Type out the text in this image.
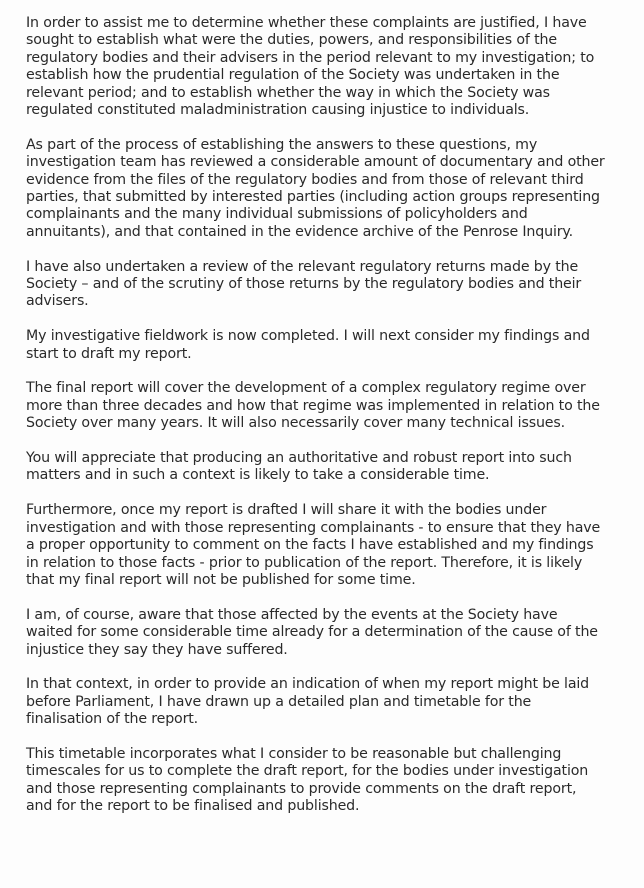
In order to assist me to determine whether these complaints are justified, I have
sought to establish what were the duties, powers, and responsibilities of the
regulatory bodies and their advisers in the period relevant to my investigation; to
establish how the prudential regulation of the Society was undertaken in the
relevant period; and to establish whether the way in which the Society was
regulated constituted maladministration causing injustice to individuals.

As part of the process of establishing the answers to these questions, my
investigation team has reviewed a considerable amount of documentary and other
evidence from the files of the regulatory bodies and from those of relevant third
parties, that submitted by interested parties (including action groups representing
complainants and the many individual submissions of policyholders and
annuitants), and that contained in the evidence archive of the Penrose Inquiry.

I have also undertaken a review of the relevant regulatory returns made by the
Society – and of the scrutiny of those returns by the regulatory bodies and their
advisers.

My investigative fieldwork is now completed. I will next consider my findings and
start to draft my report.

The final report will cover the development of a complex regulatory regime over
more than three decades and how that regime was implemented in relation to the
Society over many years. It will also necessarily cover many technical issues.

You will appreciate that producing an authoritative and robust report into such
matters and in such a context is likely to take a considerable time.

Furthermore, once my report is drafted I will share it with the bodies under
investigation and with those representing complainants - to ensure that they have
a proper opportunity to comment on the facts I have established and my findings
in relation to those facts - prior to publication of the report. Therefore, it is likely
that my final report will not be published for some time.

I am, of course, aware that those affected by the events at the Society have
waited for some considerable time already for a determination of the cause of the
injustice they say they have suffered.

In that context, in order to provide an indication of when my report might be laid
before Parliament, I have drawn up a detailed plan and timetable for the
finalisation of the report.

This timetable incorporates what I consider to be reasonable but challenging
timescales for us to complete the draft report, for the bodies under investigation
and those representing complainants to provide comments on the draft report,
and for the report to be finalised and published.
